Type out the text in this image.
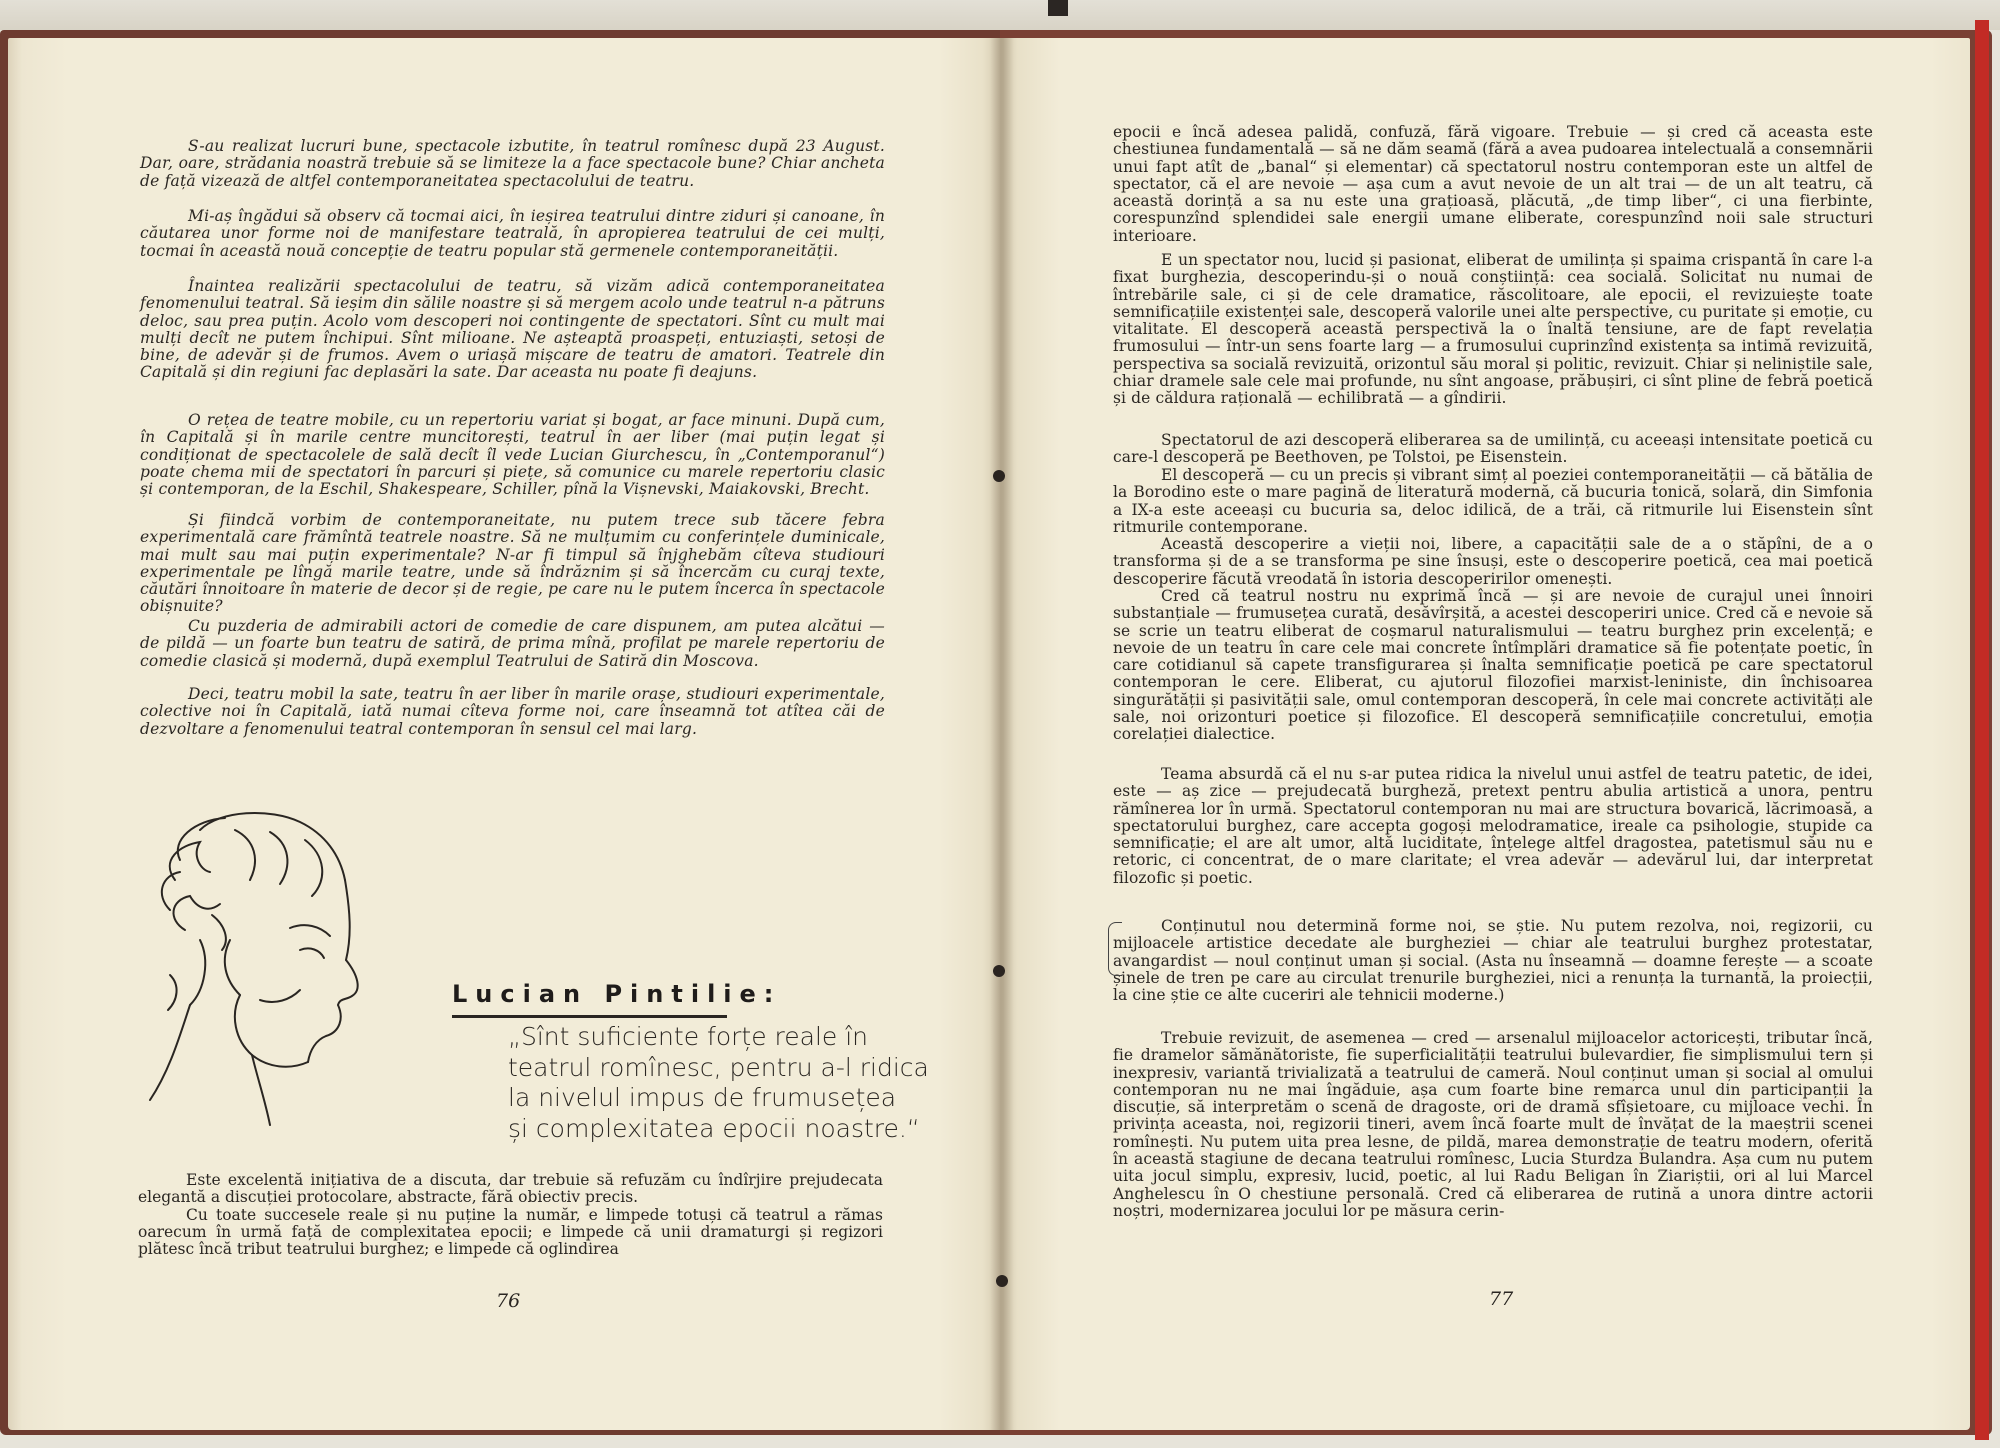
S-au realizat lucruri bune, spectacole izbutite, în teatrul romînesc după 23 August. Dar, oare, strădania noastră trebuie să se limiteze la a face spectacole bune? Chiar ancheta de față vizează de altfel contemporaneitatea spectacolului de teatru.

Mi-aș îngădui să observ că tocmai aici, în ieșirea teatrului dintre ziduri și canoane, în căutarea unor forme noi de manifestare teatrală, în apropierea teatrului de cei mulți, tocmai în această nouă concepție de teatru popular stă germenele contemporaneității.

Înaintea realizării spectacolului de teatru, să vizăm adică contemporaneitatea fenomenului teatral. Să ieșim din sălile noastre și să mergem acolo unde teatrul n-a pătruns deloc, sau prea puțin. Acolo vom descoperi noi contingente de spectatori. Sînt cu mult mai mulți decît ne putem închipui. Sînt milioane. Ne așteaptă proaspeți, entuziaști, setoși de bine, de adevăr și de frumos. Avem o uriașă mișcare de teatru de amatori. Teatrele din Capitală și din regiuni fac deplasări la sate. Dar aceasta nu poate fi deajuns.

O rețea de teatre mobile, cu un repertoriu variat și bogat, ar face minuni. După cum, în Capitală și în marile centre muncitorești, teatrul în aer liber (mai puțin legat și condiționat de spectacolele de sală decît îl vede Lucian Giurchescu, în „Contemporanul“) poate chema mii de spectatori în parcuri și piețe, să comunice cu marele repertoriu clasic și contemporan, de la Eschil, Shakespeare, Schiller, pînă la Vișnevski, Maiakovski, Brecht.

Și fiindcă vorbim de contemporaneitate, nu putem trece sub tăcere febra experimentală care frămîntă teatrele noastre. Să ne mulțumim cu conferințele duminicale, mai mult sau mai puțin experimentale? N-ar fi timpul să înjghebăm cîteva studiouri experimentale pe lîngă marile teatre, unde să îndrăznim și să încercăm cu curaj texte, căutări înnoitoare în materie de decor și de regie, pe care nu le putem încerca în spectacole obișnuite?

Cu puzderia de admirabili actori de comedie de care dispunem, am putea alcătui — de pildă — un foarte bun teatru de satiră, de prima mînă, profilat pe marele repertoriu de comedie clasică și modernă, după exemplul Teatrului de Satiră din Moscova.

Deci, teatru mobil la sate, teatru în aer liber în marile orașe, studiouri experimentale, colective noi în Capitală, iată numai cîteva forme noi, care înseamnă tot atîtea căi de dezvoltare a fenomenului teatral contemporan în sensul cel mai larg.

Lucian Pintilie:
„Sînt suficiente forțe reale în
teatrul romînesc, pentru a-l ridica
la nivelul impus de frumusețea
și complexitatea epocii noastre.“

Este excelentă inițiativa de a discuta, dar trebuie să refuzăm cu îndîrjire prejudecata elegantă a discuției protocolare, abstracte, fără obiectiv precis.

Cu toate succesele reale și nu puține la număr, e limpede totuși că teatrul a rămas oarecum în urmă față de complexitatea epocii; e limpede că unii dramaturgi și regizori plătesc încă tribut teatrului burghez; e limpede că oglindirea

76

epocii e încă adesea palidă, confuză, fără vigoare. Trebuie — și cred că aceasta este chestiunea fundamentală — să ne dăm seamă (fără a avea pudoarea intelectuală a consemnării unui fapt atît de „banal“ și elementar) că spectatorul nostru contemporan este un altfel de spectator, că el are nevoie — așa cum a avut nevoie de un alt trai — de un alt teatru, că această dorință a sa nu este una grațioasă, plăcută, „de timp liber“, ci una fierbinte, corespunzînd splendidei sale energii umane eliberate, corespunzînd noii sale structuri interioare.

E un spectator nou, lucid și pasionat, eliberat de umilința și spaima crispantă în care l-a fixat burghezia, descoperindu-și o nouă conștiință: cea socială. Solicitat nu numai de întrebările sale, ci și de cele dramatice, răscolitoare, ale epocii, el revizuiește toate semnificațiile existenței sale, descoperă valorile unei alte perspective, cu puritate și emoție, cu vitalitate. El descoperă această perspectivă la o înaltă tensiune, are de fapt revelația frumosului — într-un sens foarte larg — a frumosului cuprinzînd existența sa intimă revizuită, perspectiva sa socială revizuită, orizontul său moral și politic, revizuit. Chiar și neliniștile sale, chiar dramele sale cele mai profunde, nu sînt angoase, prăbușiri, ci sînt pline de febră poetică și de căldura rațională — echilibrată — a gîndirii.

Spectatorul de azi descoperă eliberarea sa de umilință, cu aceeași intensitate poetică cu care-l descoperă pe Beethoven, pe Tolstoi, pe Eisenstein.

El descoperă — cu un precis și vibrant simț al poeziei contemporaneității — că bătălia de la Borodino este o mare pagină de literatură modernă, că bucuria tonică, solară, din Simfonia a IX-a este aceeași cu bucuria sa, deloc idilică, de a trăi, că ritmurile lui Eisenstein sînt ritmurile contemporane.

Această descoperire a vieții noi, libere, a capacității sale de a o stăpîni, de a o transforma și de a se transforma pe sine însuși, este o descoperire poetică, cea mai poetică descoperire făcută vreodată în istoria descoperirilor omenești.

Cred că teatrul nostru nu exprimă încă — și are nevoie de curajul unei înnoiri substanțiale — frumusețea curată, desăvîrșită, a acestei descoperiri unice. Cred că e nevoie să se scrie un teatru eliberat de coșmarul naturalismului — teatru burghez prin excelență; e nevoie de un teatru în care cele mai concrete întîmplări dramatice să fie potențate poetic, în care cotidianul să capete transfigurarea și înalta semnificație poetică pe care spectatorul contemporan le cere. Eliberat, cu ajutorul filozofiei marxist-leniniste, din închisoarea singurătății și pasivității sale, omul contemporan descoperă, în cele mai concrete activități ale sale, noi orizonturi poetice și filozofice. El descoperă semnificațiile concretului, emoția corelației dialectice.

Teama absurdă că el nu s-ar putea ridica la nivelul unui astfel de teatru patetic, de idei, este — aș zice — prejudecată burgheză, pretext pentru abulia artistică a unora, pentru rămînerea lor în urmă. Spectatorul contemporan nu mai are structura bovarică, lăcrimoasă, a spectatorului burghez, care accepta gogoși melodramatice, ireale ca psihologie, stupide ca semnificație; el are alt umor, altă luciditate, înțelege altfel dragostea, patetismul său nu e retoric, ci concentrat, de o mare claritate; el vrea adevăr — adevărul lui, dar interpretat filozofic și poetic.

Conținutul nou determină forme noi, se știe. Nu putem rezolva, noi, regizorii, cu mijloacele artistice decedate ale burgheziei — chiar ale teatrului burghez protestatar, avangardist — noul conținut uman și social. (Asta nu înseamnă — doamne ferește — a scoate șinele de tren pe care au circulat trenurile burgheziei, nici a renunța la turnantă, la proiecții, la cine știe ce alte cuceriri ale tehnicii moderne.)

Trebuie revizuit, de asemenea — cred — arsenalul mijloacelor actoricești, tributar încă, fie dramelor sămănătoriste, fie superficialității teatrului bulevardier, fie simplismului tern și inexpresiv, variantă trivializată a teatrului de cameră. Noul conținut uman și social al omului contemporan nu ne mai îngăduie, așa cum foarte bine remarca unul din participanții la discuție, să interpretăm o scenă de dragoste, ori de dramă sfîșietoare, cu mijloace vechi. În privința aceasta, noi, regizorii tineri, avem încă foarte mult de învățat de la maeștrii scenei romînești. Nu putem uita prea lesne, de pildă, marea demonstrație de teatru modern, oferită în această stagiune de decana teatrului romînesc, Lucia Sturdza Bulandra. Așa cum nu putem uita jocul simplu, expresiv, lucid, poetic, al lui Radu Beligan în Ziariștii, ori al lui Marcel Anghelescu în O chestiune personală. Cred că eliberarea de rutină a unora dintre actorii noștri, modernizarea jocului lor pe măsura cerin-

77
